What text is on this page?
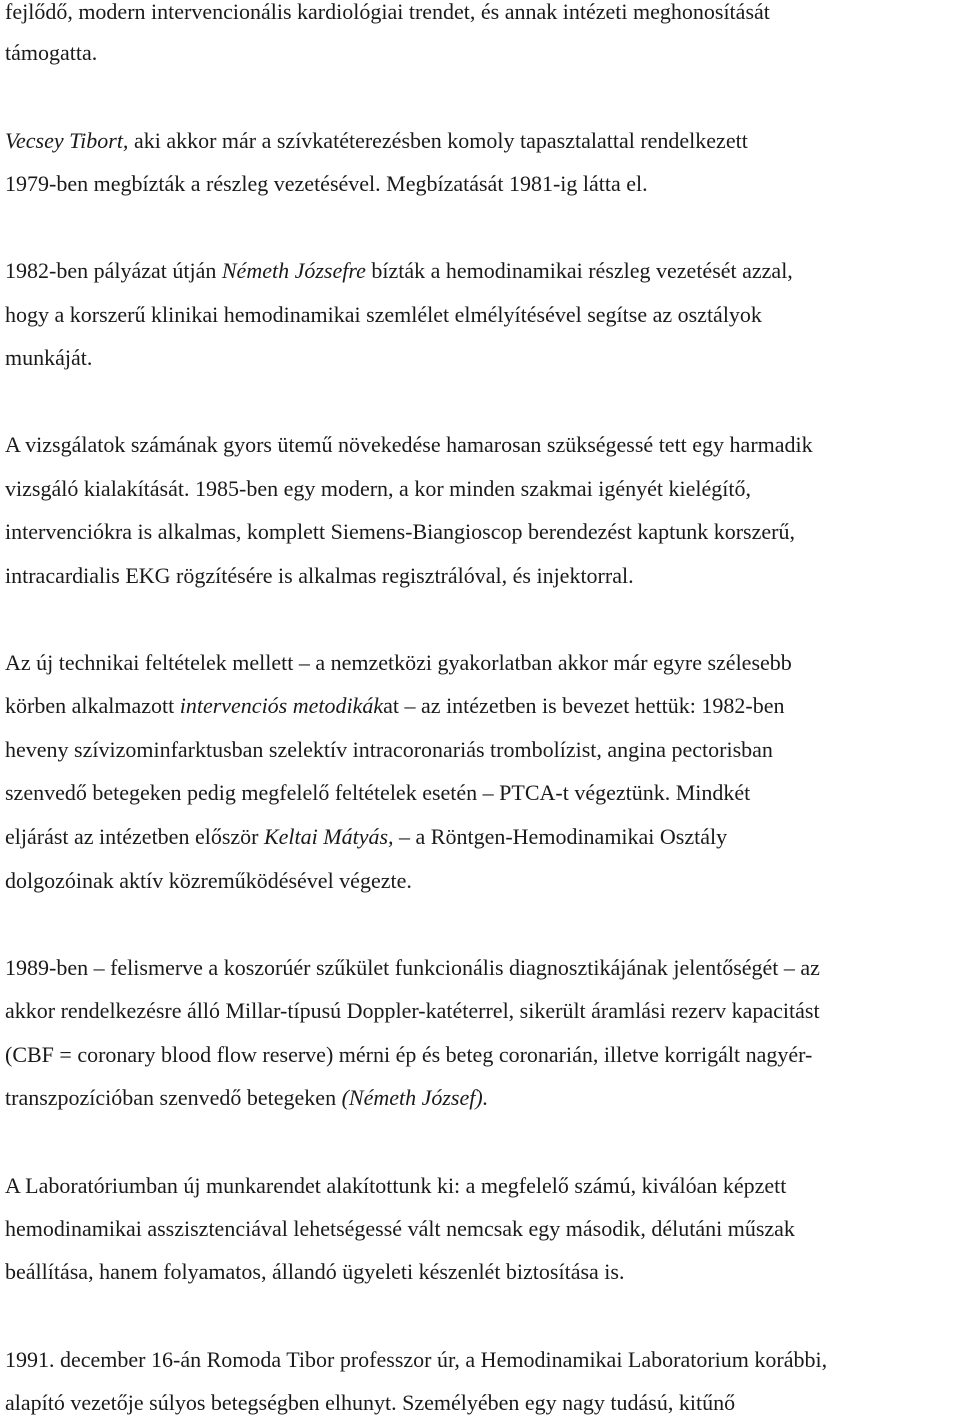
fejlődő, modern intervencionális kardiológiai trendet, és annak intézeti meghonosítását
támogatta.
Vecsey Tibort, aki akkor már a szívkatéterezésben komoly tapasztalattal rendelkezett
1979-ben megbízták a részleg vezetésével. Megbízatását 1981-ig látta el.
1982-ben pályázat útján Németh Józsefre bízták a hemodinamikai részleg vezetését azzal,
hogy a korszerű klinikai hemodinamikai szemlélet elmélyítésével segítse az osztályok
munkáját.
A vizsgálatok számának gyors ütemű növekedése hamarosan szükségessé tett egy harmadik
vizsgáló kialakítását. 1985-ben egy modern, a kor minden szakmai igényét kielégítő,
intervenciókra is alkalmas, komplett Siemens-Biangioscop berendezést kaptunk korszerű,
intracardialis EKG rögzítésére is alkalmas regisztrálóval, és injektorral.
Az új technikai feltételek mellett – a nemzetközi gyakorlatban akkor már egyre szélesebb
körben alkalmazott intervenciós metodikákat – az intézetben is bevezet hettük: 1982-ben
heveny szívizominfarktusban szelektív intracoronariás trombolízist, angina pectorisban
szenvedő betegeken pedig megfelelő feltételek esetén – PTCA-t végeztünk. Mindkét
eljárást az intézetben először Keltai Mátyás, – a Röntgen-Hemodinamikai Osztály
dolgozóinak aktív közreműködésével végezte.
1989-ben – felismerve a koszorúér szűkület funkcionális diagnosztikájának jelentőségét – az
akkor rendelkezésre álló Millar-típusú Doppler-katéterrel, sikerült áramlási rezerv kapacitást
(CBF = coronary blood flow reserve) mérni ép és beteg coronarián, illetve korrigált nagyér-
transzpozícióban szenvedő betegeken (Németh József).
A Laboratóriumban új munkarendet alakítottunk ki: a megfelelő számú, kiválóan képzett
hemodinamikai asszisztenciával lehetségessé vált nemcsak egy második, délutáni műszak
beállítása, hanem folyamatos, állandó ügyeleti készenlét biztosítása is.
1991. december 16-án Romoda Tibor professzor úr, a Hemodinamikai Laboratorium korábbi,
alapító vezetője súlyos betegségben elhunyt. Személyében egy nagy tudású, kitűnő
